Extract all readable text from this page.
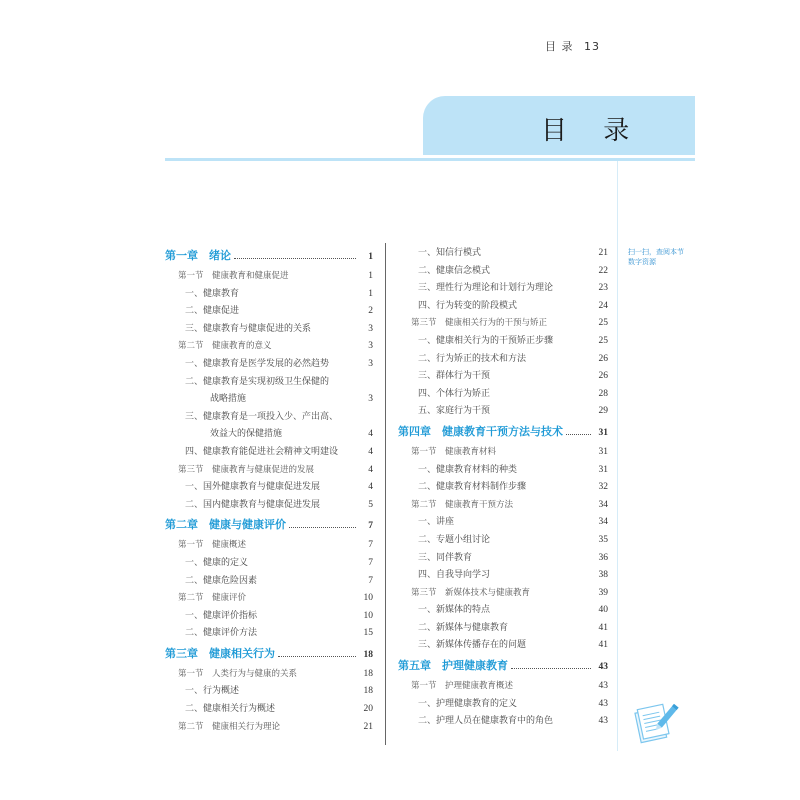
目 录 13
目 录
第一章　绪论	1
第一节　健康教育和健康促进	1
一、健康教育	1
二、健康促进	2
三、健康教育与健康促进的关系	3
第二节　健康教育的意义	3
一、健康教育是医学发展的必然趋势	3
二、健康教育是实现初级卫生保健的
战略措施	3
三、健康教育是一项投入少、产出高、
效益大的保健措施	4
四、健康教育能促进社会精神文明建设	4
第三节　健康教育与健康促进的发展	4
一、国外健康教育与健康促进发展	4
二、国内健康教育与健康促进发展	5
第二章　健康与健康评价	7
第一节　健康概述	7
一、健康的定义	7
二、健康危险因素	7
第二节　健康评价	10
一、健康评价指标	10
二、健康评价方法	15
第三章　健康相关行为	18
第一节　人类行为与健康的关系	18
一、行为概述	18
二、健康相关行为概述	20
第二节　健康相关行为理论	21
一、知信行模式	21
二、健康信念模式	22
三、理性行为理论和计划行为理论	23
四、行为转变的阶段模式	24
第三节　健康相关行为的干预与矫正	25
一、健康相关行为的干预矫正步骤	25
二、行为矫正的技术和方法	26
三、群体行为干预	26
四、个体行为矫正	28
五、家庭行为干预	29
第四章　健康教育干预方法与技术	31
第一节　健康教育材料	31
一、健康教育材料的种类	31
二、健康教育材料制作步骤	32
第二节　健康教育干预方法	34
一、讲座	34
二、专题小组讨论	35
三、同伴教育	36
四、自我导向学习	38
第三节　新媒体技术与健康教育	39
一、新媒体的特点	40
二、新媒体与健康教育	41
三、新媒体传播存在的问题	41
第五章　护理健康教育	43
第一节　护理健康教育概述	43
一、护理健康教育的定义	43
二、护理人员在健康教育中的角色	43
扫一扫，查阅本节数字资源
